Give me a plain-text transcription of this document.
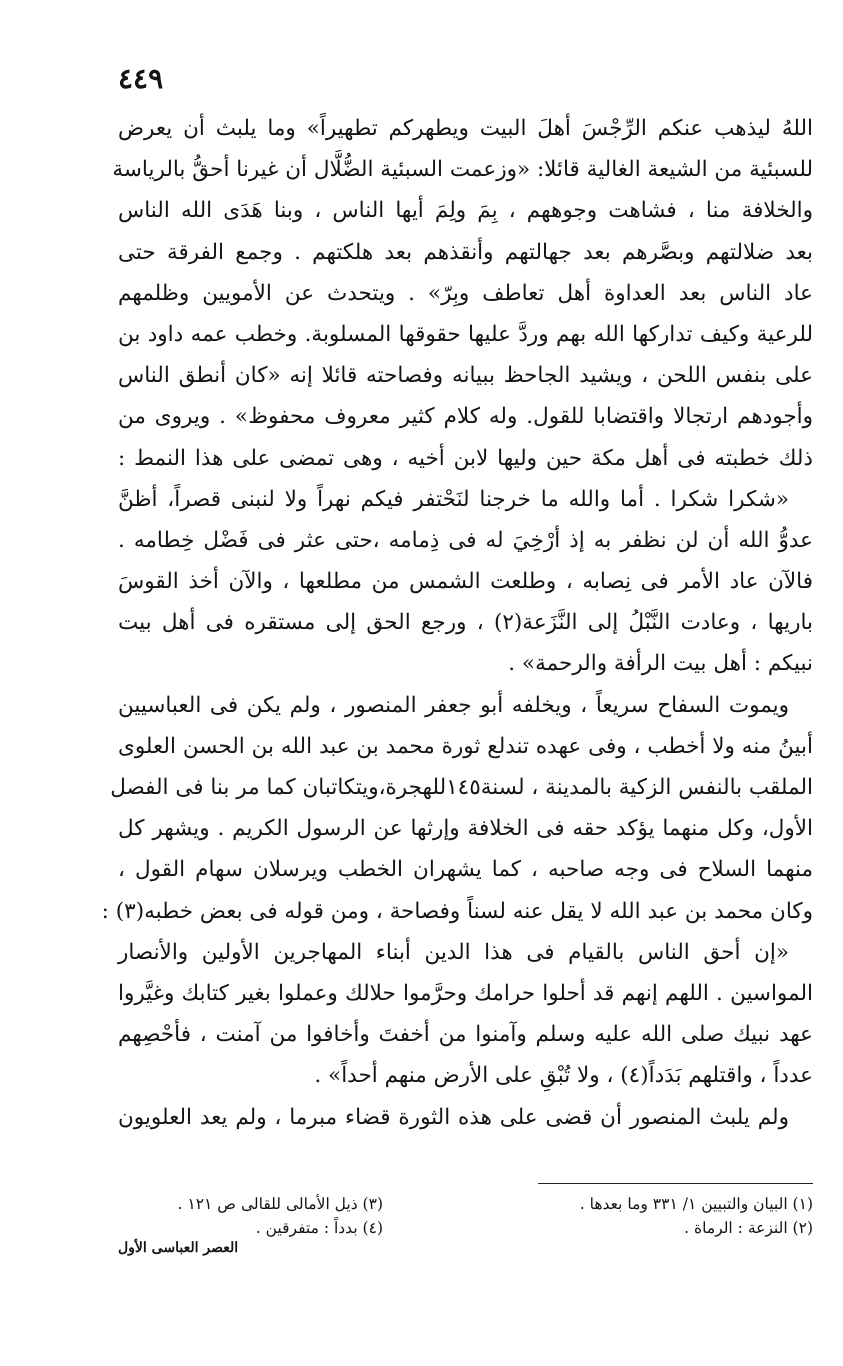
٤٤٩
اللهُ ليذهب عنكم الرِّجْسَ أهلَ البيت ويطهركم تطهيراً» وما يلبث أن يعرض
للسبئية من الشيعة الغالية قائلا: «وزعمت السبئية الضُّلَّال أن غيرنا أحقُّ بالرياسة
والخلافة منا ، فشاهت وجوههم ، بِمَ ولِمَ أيها الناس ، وبنا هَدَى الله الناس
بعد ضلالتهم وبصَّرهم بعد جهالتهم وأنقذهم بعد هلكتهم . وجمع الفرقة حتى
عاد الناس بعد العداوة أهل تعاطف وبِرّ» . ويتحدث عن الأمويين وظلمهم
للرعية وكيف تداركها الله بهم وردَّ عليها حقوقها المسلوبة. وخطب عمه داود بن
على بنفس اللحن ، ويشيد الجاحظ ببيانه وفصاحته قائلا إنه «كان أنطق الناس
وأجودهم ارتجالا واقتضابا للقول. وله كلام كثير معروف محفوظ» . ويروى من
ذلك خطبته فى أهل مكة حين وليها لابن أخيه ، وهى تمضى على هذا النمط :
«شكرا شكرا . أما والله ما خرجنا لنَحْتفر فيكم نهراً ولا لنبنى قصراً، أظنَّ
عدوُّ الله أن لن نظفر به إذ أرْخِيَ له فى ذِمامه ،حتى عثر فى فَضْل خِطامه .
فالآن عاد الأمر فى نِصابه ، وطلعت الشمس من مطلعها ، والآن أخذ القوسَ
باريها ، وعادت النَّبْلُ إلى النَّزَعة(٢) ، ورجع الحق إلى مستقره فى أهل بيت
نبيكم : أهل بيت الرأفة والرحمة» .
ويموت السفاح سريعاً ، ويخلفه أبو جعفر المنصور ، ولم يكن فى العباسيين
أبينُ منه ولا أخطب ، وفى عهده تندلع ثورة محمد بن عبد الله بن الحسن العلوى
الملقب بالنفس الزكية بالمدينة ، لسنة١٤٥للهجرة،ويتكاتبان كما مر بنا فى الفصل
الأول، وكل منهما يؤكد حقه فى الخلافة وإرثها عن الرسول الكريم . ويشهر كل
منهما السلاح فى وجه صاحبه ، كما يشهران الخطب ويرسلان سهام القول ،
وكان محمد بن عبد الله لا يقل عنه لسناً وفصاحة ، ومن قوله فى بعض خطبه(٣) :
«إن أحق الناس بالقيام فى هذا الدين أبناء المهاجرين الأولين والأنصار
المواسين . اللهم إنهم قد أحلوا حرامك وحرَّموا حلالك وعملوا بغير كتابك وغيَّروا
عهد نبيك صلى الله عليه وسلم وآمنوا من أخفتَ وأخافوا من آمنت ، فأحْصِهم
عدداً ، واقتلهم بَدَداً(٤) ، ولا تُبْقِ على الأرض منهم أحداً» .
ولم يلبث المنصور أن قضى على هذه الثورة قضاء مبرما ، ولم يعد العلويون
(١) البيان والتبيين ١/ ٣٣١ وما بعدها .
(٢) النزعة : الرماة .
(٣) ذيل الأمالى للقالى ص ١٢١ .
(٤) بدداً : متفرقين .
العصر العباسى الأول
